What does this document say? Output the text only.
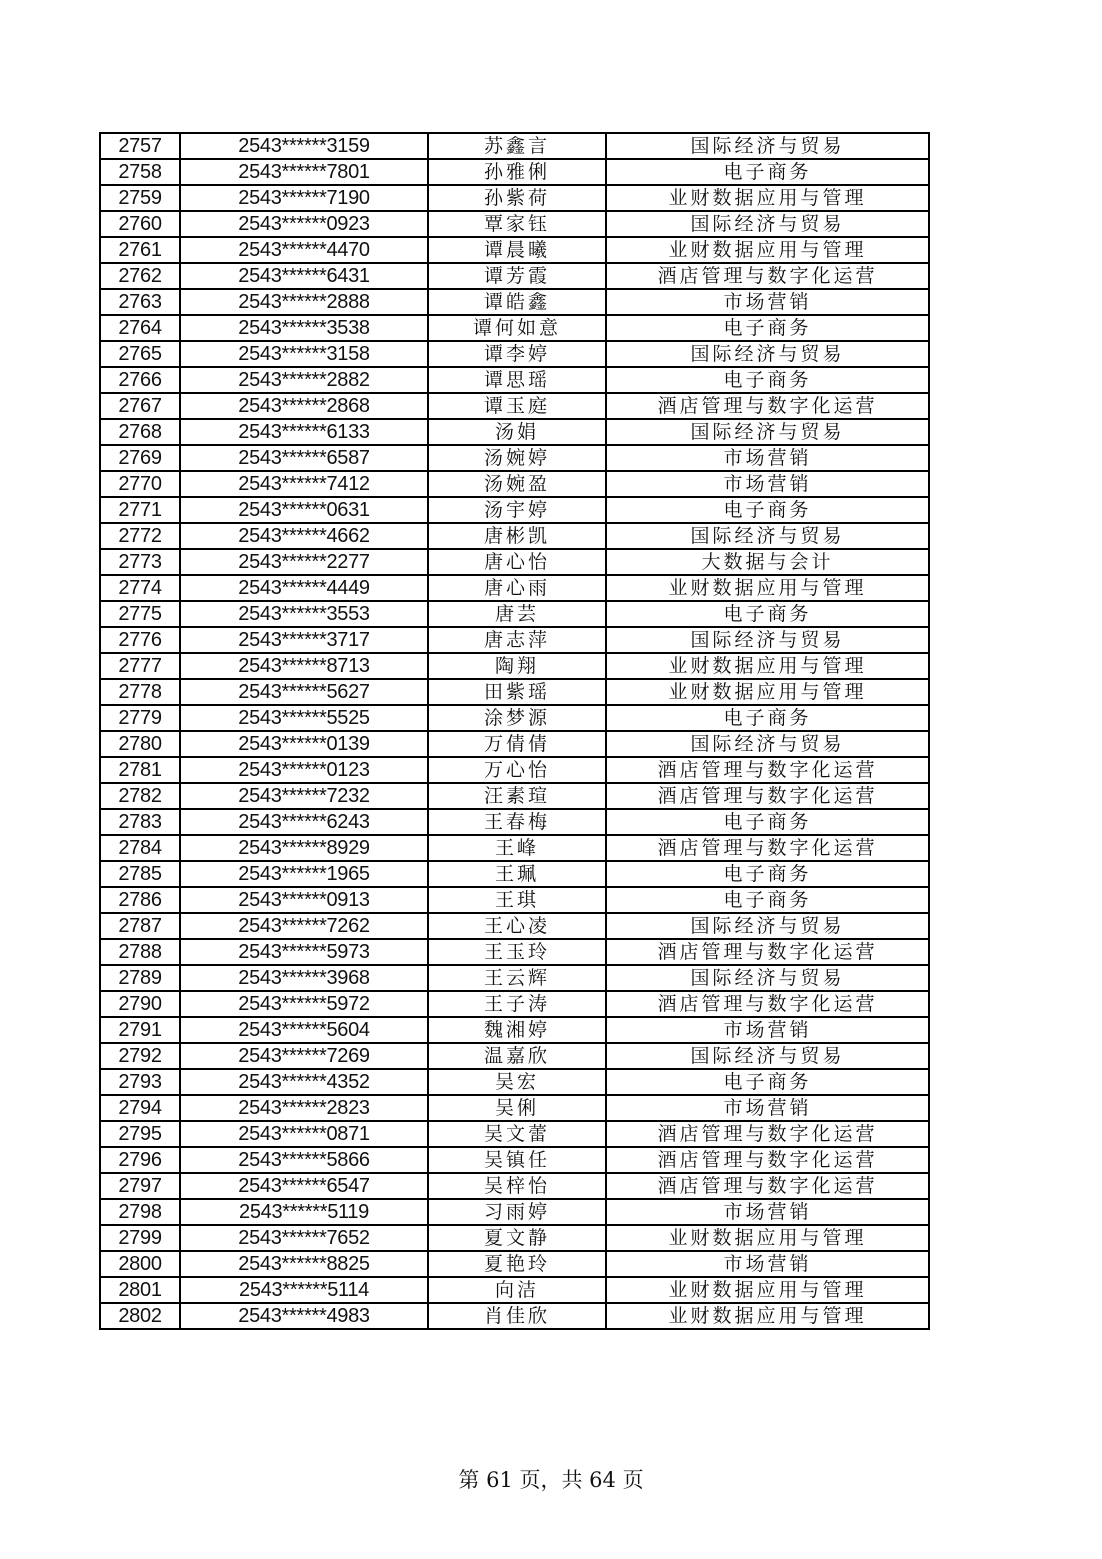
2757	2543******3159	苏鑫言	国际经济与贸易
2758	2543******7801	孙雅俐	电子商务
2759	2543******7190	孙紫荷	业财数据应用与管理
2760	2543******0923	覃家钰	国际经济与贸易
2761	2543******4470	谭晨曦	业财数据应用与管理
2762	2543******6431	谭芳霞	酒店管理与数字化运营
2763	2543******2888	谭皓鑫	市场营销
2764	2543******3538	谭何如意	电子商务
2765	2543******3158	谭李婷	国际经济与贸易
2766	2543******2882	谭思瑶	电子商务
2767	2543******2868	谭玉庭	酒店管理与数字化运营
2768	2543******6133	汤娟	国际经济与贸易
2769	2543******6587	汤婉婷	市场营销
2770	2543******7412	汤婉盈	市场营销
2771	2543******0631	汤宇婷	电子商务
2772	2543******4662	唐彬凯	国际经济与贸易
2773	2543******2277	唐心怡	大数据与会计
2774	2543******4449	唐心雨	业财数据应用与管理
2775	2543******3553	唐芸	电子商务
2776	2543******3717	唐志萍	国际经济与贸易
2777	2543******8713	陶翔	业财数据应用与管理
2778	2543******5627	田紫瑶	业财数据应用与管理
2779	2543******5525	涂梦源	电子商务
2780	2543******0139	万倩倩	国际经济与贸易
2781	2543******0123	万心怡	酒店管理与数字化运营
2782	2543******7232	汪素瑄	酒店管理与数字化运营
2783	2543******6243	王春梅	电子商务
2784	2543******8929	王峰	酒店管理与数字化运营
2785	2543******1965	王珮	电子商务
2786	2543******0913	王琪	电子商务
2787	2543******7262	王心凌	国际经济与贸易
2788	2543******5973	王玉玲	酒店管理与数字化运营
2789	2543******3968	王云辉	国际经济与贸易
2790	2543******5972	王子涛	酒店管理与数字化运营
2791	2543******5604	魏湘婷	市场营销
2792	2543******7269	温嘉欣	国际经济与贸易
2793	2543******4352	吴宏	电子商务
2794	2543******2823	吴俐	市场营销
2795	2543******0871	吴文蕾	酒店管理与数字化运营
2796	2543******5866	吴镇任	酒店管理与数字化运营
2797	2543******6547	吴梓怡	酒店管理与数字化运营
2798	2543******5119	习雨婷	市场营销
2799	2543******7652	夏文静	业财数据应用与管理
2800	2543******8825	夏艳玲	市场营销
2801	2543******5114	向洁	业财数据应用与管理
2802	2543******4983	肖佳欣	业财数据应用与管理
第 61 页，共 64 页
